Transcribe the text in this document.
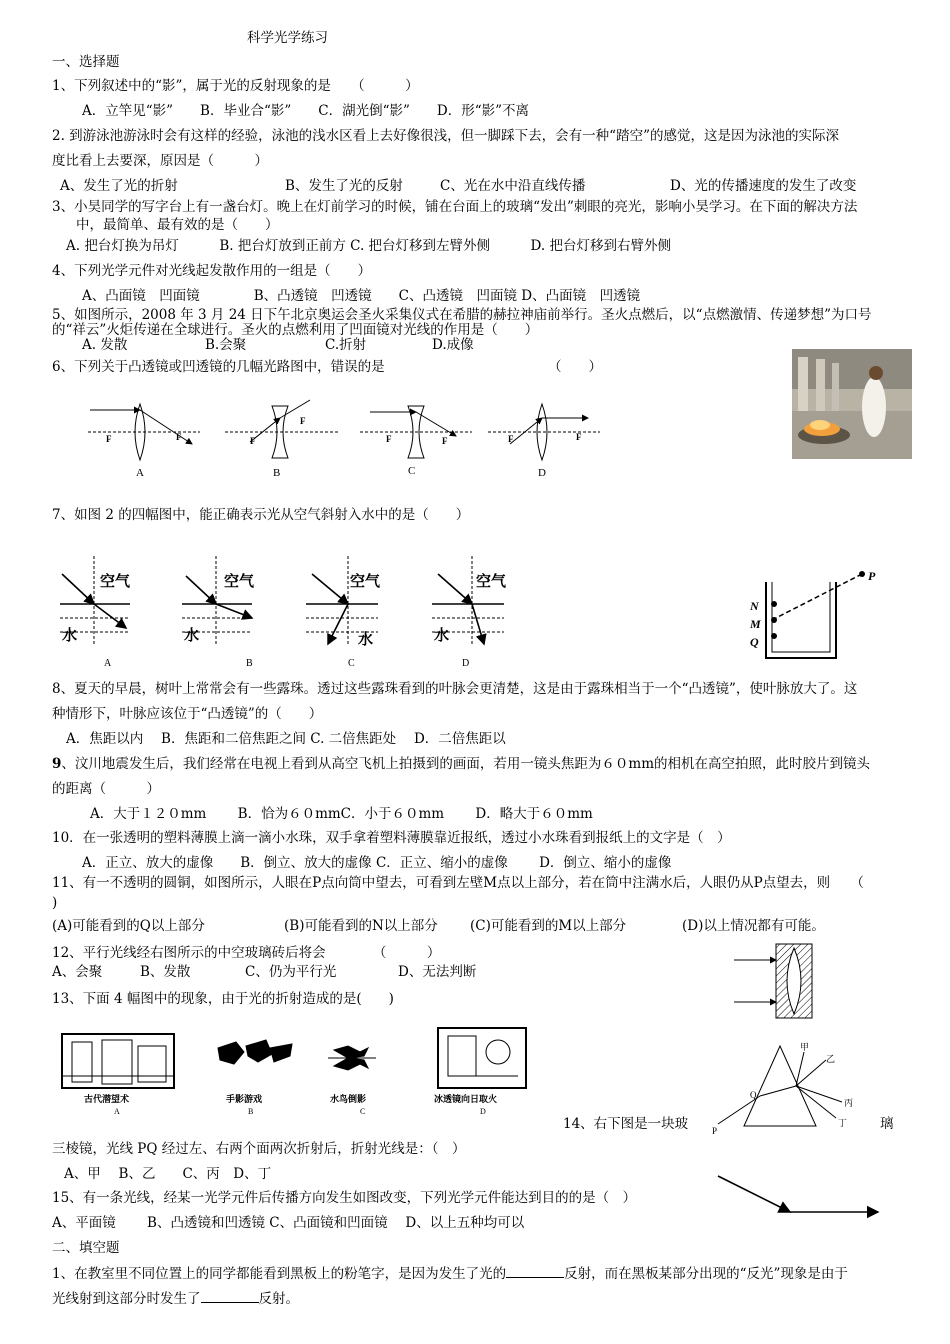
科学光学练习
一、选择题
1、下列叙述中的“影”，属于光的反射现象的是　　（　　　）
A．立竿见“影”　　B．毕业合“影”　　C．湖光倒“影”　　D．形“影”不离
2. 到游泳池游泳时会有这样的经验，泳池的浅水区看上去好像很浅，但一脚踩下去，会有一种“踏空”的感觉，这是因为泳池的实际深
度比看上去要深，原因是（　　　）
A、发生了光的折射	B、发生了光的反射	C、光在水中沿直线传播	D、光的传播速度的发生了改变
3、小昊同学的写字台上有一盏台灯。晚上在灯前学习的时候，铺在台面上的玻璃“发出”刺眼的亮光，影响小昊学习。在下面的解决方法
中，最简单、最有效的是（　　）
A. 把台灯换为吊灯　　　B. 把台灯放到正前方 C. 把台灯移到左臂外侧　　　D. 把台灯移到右臂外侧
4、下列光学元件对光线起发散作用的一组是（　　）
A、凸面镜　凹面镜　　　　B、凸透镜　凹透镜　　C、凸透镜　凹面镜 D、凸面镜　凹透镜
5、如图所示，2008 年 3 月 24 日下午北京奥运会圣火采集仪式在希腊的赫拉神庙前举行。圣火点燃后，以“点燃激情、传递梦想”为口号
的“祥云”火炬传递在全球进行。圣火的点燃利用了凹面镜对光线的作用是（　　）
A. 发散	B.会聚	C.折射	D.成像
6、下列关于凸透镜或凹透镜的几幅光路图中，错误的是	（　　）
F	F	F
F
F	F	F	F
A	B	C	D
7、如图 2 的四幅图中，能正确表示光从空气斜射入水中的是（　　）
空气
水
空气
水
空气
水
空气
水
A	B	C	D
P
N
M
Q
8、夏天的早晨，树叶上常常会有一些露珠。透过这些露珠看到的叶脉会更清楚，这是由于露珠相当于一个“凸透镜”，使叶脉放大了。这
种情形下，叶脉应该位于“凸透镜”的（　　）
A．焦距以内　 B．焦距和二倍焦距之间 C. 二倍焦距处　 D．二倍焦距以
9、汶川地震发生后，我们经常在电视上看到从高空飞机上拍摄到的画面，若用一镜头焦距为６０mm的相机在高空拍照，此时胶片到镜头
的距离（　　　）
A．大于１２０mm　　 B．恰为６０mmC．小于６０mm　　 D．略大于６０mm
10．在一张透明的塑料薄膜上滴一滴小水珠，双手拿着塑料薄膜靠近报纸，透过小水珠看到报纸上的文字是（　）
A．正立、放大的虚像　　B．倒立、放大的虚像 C．正立、缩小的虚像　　 D．倒立、缩小的虚像
11、有一不透明的圆铜，如图所示，人眼在P点向筒中望去，可看到左壁M点以上部分，若在筒中注满水后，人眼仍从P点望去，则　　（
)
(A)可能看到的Q以上部分	(B)可能看到的N以上部分 (C)可能看到的M以上部分	(D)以上情况都有可能。
12、平行光线经右图所示的中空玻璃砖后将会　　　　（　　　）
A、会聚	B、发散	C、仍为平行光	D、无法判断
13、下面 4 幅图中的现象，由于光的折射造成的是(　　)
古代潜望术	手影游戏	水鸟倒影	冰透镜向日取火
A	B	C	D
甲
乙
丙
丁
P
Q
14、右下图是一块玻	璃
三棱镜，光线 PQ 经过左、右两个面两次折射后，折射光线是：（　）
A、甲　 B、乙　　C、丙　D、丁
15、有一条光线，经某一光学元件后传播方向发生如图改变，下列光学元件能达到目的的是（　）
A、平面镜　　 B、凸透镜和凹透镜 C、凸面镜和凹面镜　 D、以上五种均可以
二、填空题
1、在教室里不同位置上的同学都能看到黑板上的粉笔字，是因为发生了光的	反射，而在黑板某部分出现的“反光”现象是由于
光线射到这部分时发生了	反射。
